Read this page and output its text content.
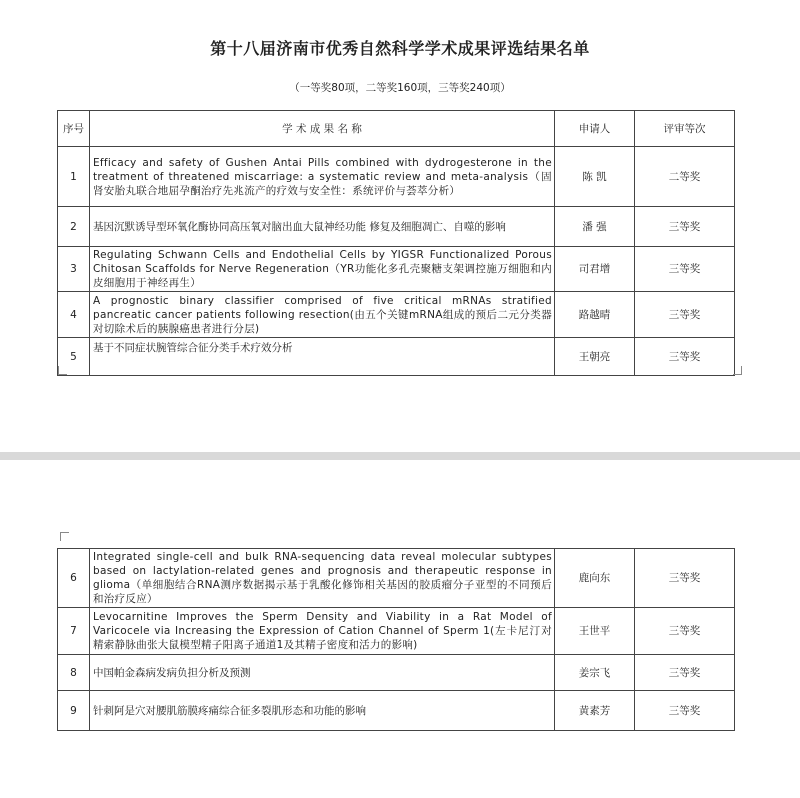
第十八届济南市优秀自然科学学术成果评选结果名单
（一等奖80项，二等奖160项，三等奖240项）
序号	学 术 成 果 名 称	申请人	评审等次
1	Efficacy and safety of Gushen Antai Pills combined with dydrogesterone in the treatment of threatened miscarriage: a systematic review and meta-analysis（固肾安胎丸联合地屈孕酮治疗先兆流产的疗效与安全性：系统评价与荟萃分析）	陈 凯	二等奖
2	基因沉默诱导型环氧化酶协同高压氧对脑出血大鼠神经功能 修复及细胞凋亡、自噬的影响	潘 强	三等奖
3	Regulating Schwann Cells and Endothelial Cells by YIGSR Functionalized Porous Chitosan Scaffolds for Nerve Regeneration（YR功能化多孔壳聚糖支架调控施万细胞和内皮细胞用于神经再生）	司君增	三等奖
4	A prognostic binary classifier comprised of five critical mRNAs stratified pancreatic cancer patients following resection(由五个关键mRNA组成的预后二元分类器对切除术后的胰腺癌患者进行分层)	路越晴	三等奖
5	基于不同症状腕管综合征分类手术疗效分析	王朝亮	三等奖
6	Integrated single-cell and bulk RNA-sequencing data reveal molecular subtypes based on lactylation-related genes and prognosis and therapeutic response in glioma（单细胞结合RNA测序数据揭示基于乳酸化修饰相关基因的胶质瘤分子亚型的不同预后和治疗反应）	鹿向东	三等奖
7	Levocarnitine Improves the Sperm Density and Viability in a Rat Model of Varicocele via Increasing the Expression of Cation Channel of Sperm 1(左卡尼汀对精索静脉曲张大鼠模型精子阳离子通道1及其精子密度和活力的影响)	王世平	三等奖
8	中国帕金森病发病负担分析及预测	姜宗飞	三等奖
9	针刺阿是穴对腰肌筋膜疼痛综合征多裂肌形态和功能的影响	黄素芳	三等奖
